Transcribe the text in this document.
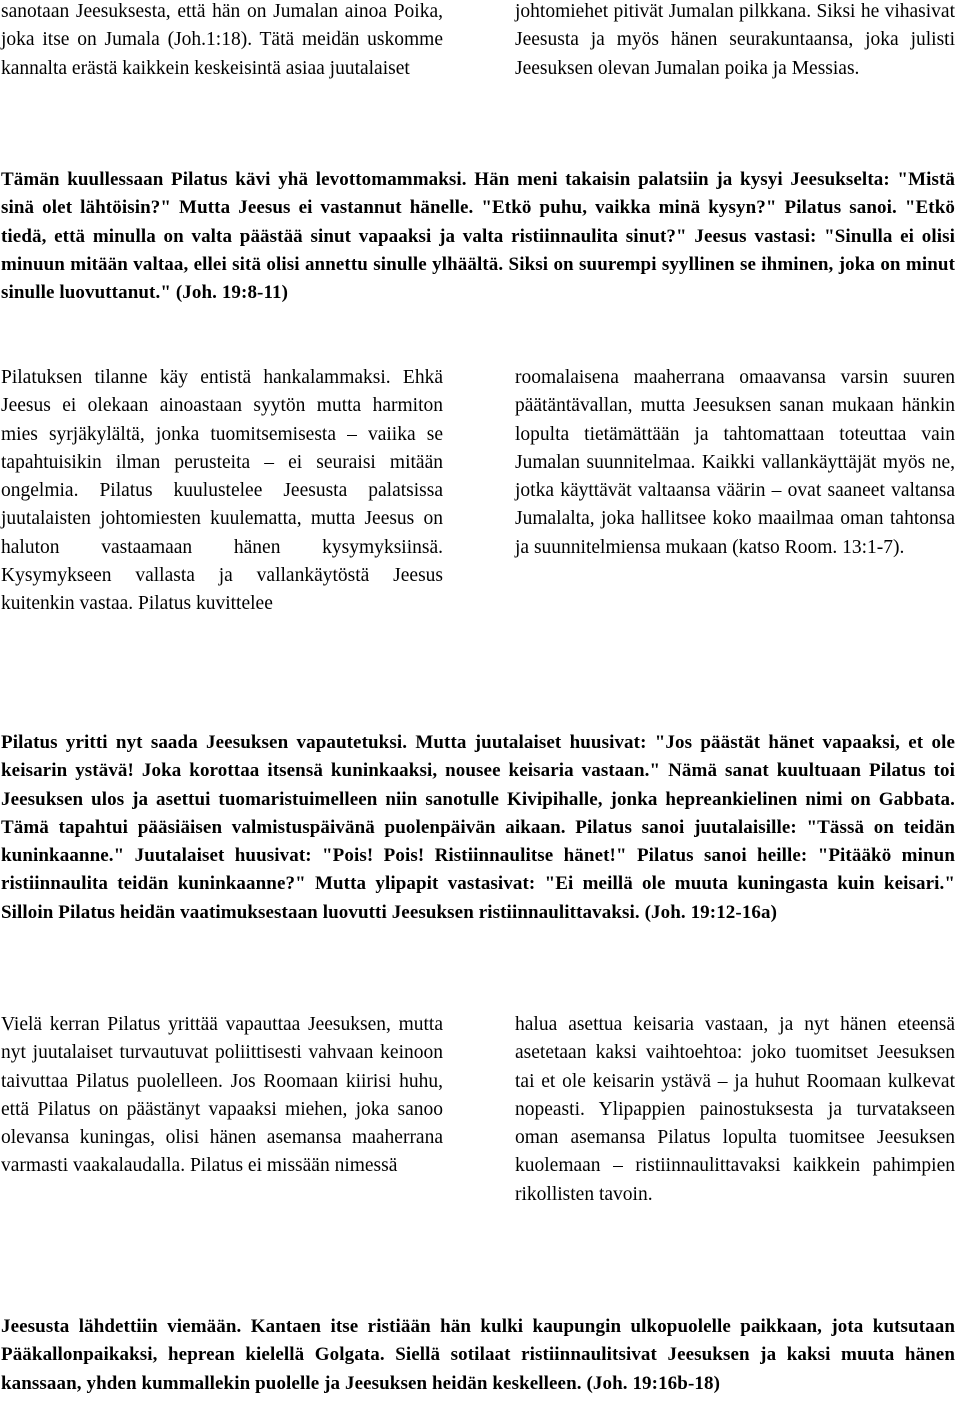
sanotaan Jeesuksesta, että hän on Jumalan ainoa Poika, joka itse on Jumala (Joh.1:18). Tätä meidän uskomme kannalta erästä kaikkein keskeisintä asiaa juutalaiset

johtomiehet pitivät Jumalan pilkkana. Siksi he vihasivat Jeesusta ja myös hänen seurakuntaansa, joka julisti Jeesuksen olevan Jumalan poika ja Messias.

Tämän kuullessaan Pilatus kävi yhä levottomammaksi. Hän meni takaisin palatsiin ja kysyi Jeesukselta: "Mistä sinä olet lähtöisin?" Mutta Jeesus ei vastannut hänelle. "Etkö puhu, vaikka minä kysyn?" Pilatus sanoi. "Etkö tiedä, että minulla on valta päästää sinut vapaaksi ja valta ristiinnaulita sinut?" Jeesus vastasi: "Sinulla ei olisi minuun mitään valtaa, ellei sitä olisi annettu sinulle ylhäältä. Siksi on suurempi syyllinen se ihminen, joka on minut sinulle luovuttanut." (Joh. 19:8-11)

Pilatuksen tilanne käy entistä hankalammaksi. Ehkä Jeesus ei olekaan ainoastaan syytön mutta harmiton mies syrjäkylältä, jonka tuomitsemisesta – vaiika se tapahtuisikin ilman perusteita – ei seuraisi mitään ongelmia. Pilatus kuulustelee Jeesusta palatsissa juutalaisten johtomiesten kuulematta, mutta Jeesus on haluton vastaamaan hänen kysymyksiinsä. Kysymykseen vallasta ja vallankäytöstä Jeesus kuitenkin vastaa. Pilatus kuvittelee

roomalaisena maaherrana omaavansa varsin suuren päätäntävallan, mutta Jeesuksen sanan mukaan hänkin lopulta tietämättään ja tahtomattaan toteuttaa vain Jumalan suunnitelmaa. Kaikki vallankäyttäjät myös ne, jotka käyttävät valtaansa väärin – ovat saaneet valtansa Jumalalta, joka hallitsee koko maailmaa oman tahtonsa ja suunnitelmiensa mukaan (katso Room. 13:1-7).

Pilatus yritti nyt saada Jeesuksen vapautetuksi. Mutta juutalaiset huusivat: "Jos päästät hänet vapaaksi, et ole keisarin ystävä! Joka korottaa itsensä kuninkaaksi, nousee keisaria vastaan." Nämä sanat kuultuaan Pilatus toi Jeesuksen ulos ja asettui tuomaristuimelleen niin sanotulle Kivipihalle, jonka hepreankielinen nimi on Gabbata. Tämä tapahtui pääsiäisen valmistuspäivänä puolenpäivän aikaan. Pilatus sanoi juutalaisille: "Tässä on teidän kuninkaanne." Juutalaiset huusivat: "Pois! Pois! Ristiinnaulitse hänet!" Pilatus sanoi heille: "Pitääkö minun ristiinnaulita teidän kuninkaanne?" Mutta ylipapit vastasivat: "Ei meillä ole muuta kuningasta kuin keisari." Silloin Pilatus heidän vaatimuksestaan luovutti Jeesuksen ristiinnaulittavaksi. (Joh. 19:12-16a)

Vielä kerran Pilatus yrittää vapauttaa Jeesuksen, mutta nyt juutalaiset turvautuvat poliittisesti vahvaan keinoon taivuttaa Pilatus puolelleen. Jos Roomaan kiirisi huhu, että Pilatus on päästänyt vapaaksi miehen, joka sanoo olevansa kuningas, olisi hänen asemansa maaherrana varmasti vaakalaudalla. Pilatus ei missään nimessä

halua asettua keisaria vastaan, ja nyt hänen eteensä asetetaan kaksi vaihtoehtoa: joko tuomitset Jeesuksen tai et ole keisarin ystävä – ja huhut Roomaan kulkevat nopeasti. Ylipappien painostuksesta ja turvatakseen oman asemansa Pilatus lopulta tuomitsee Jeesuksen kuolemaan – ristiinnaulittavaksi kaikkein pahimpien rikollisten tavoin.

Jeesusta lähdettiin viemään. Kantaen itse ristiään hän kulki kaupungin ulkopuolelle paikkaan, jota kutsutaan Pääkallonpaikaksi, heprean kielellä Golgata. Siellä sotilaat ristiinnaulitsivat Jeesuksen ja kaksi muuta hänen kanssaan, yhden kummallekin puolelle ja Jeesuksen heidän keskelleen. (Joh. 19:16b-18)
